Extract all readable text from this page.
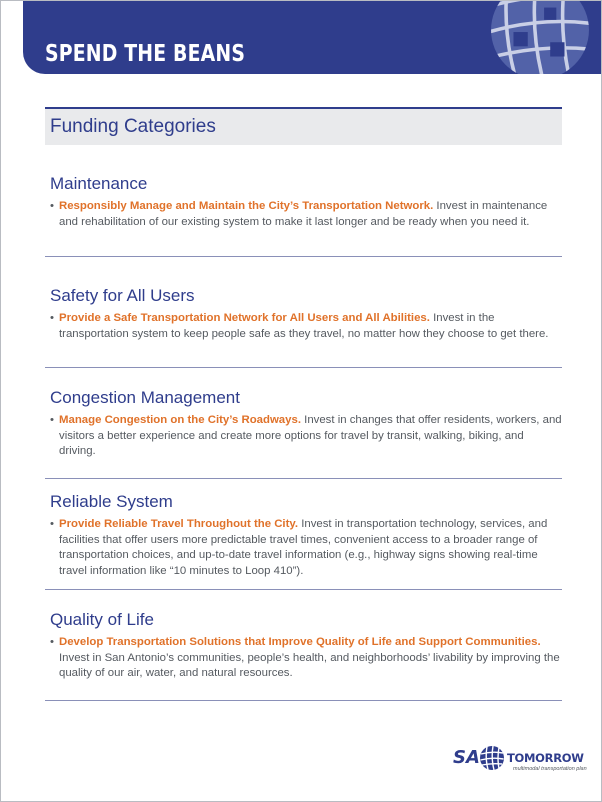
SPEND THE BEANS
Funding Categories
Maintenance
• Responsibly Manage and Maintain the City’s Transportation Network. Invest in maintenance and rehabilitation of our existing system to make it last longer and be ready when you need it.
Safety for All Users
• Provide a Safe Transportation Network for All Users and All Abilities. Invest in the transportation system to keep people safe as they travel, no matter how they choose to get there.
Congestion Management
• Manage Congestion on the City’s Roadways. Invest in changes that offer residents, workers, and visitors a better experience and create more options for travel by transit, walking, biking, and driving.
Reliable System
• Provide Reliable Travel Throughout the City. Invest in transportation technology, services, and facilities that offer users more predictable travel times, convenient access to a broader range of transportation choices, and up-to-date travel information (e.g., highway signs showing real-time travel information like “10 minutes to Loop 410”).
Quality of Life
• Develop Transportation Solutions that Improve Quality of Life and Support Communities. Invest in San Antonio’s communities, people’s health, and neighborhoods’ livability by improving the quality of our air, water, and natural resources.
SA TOMORROW
multimodal transportation plan
